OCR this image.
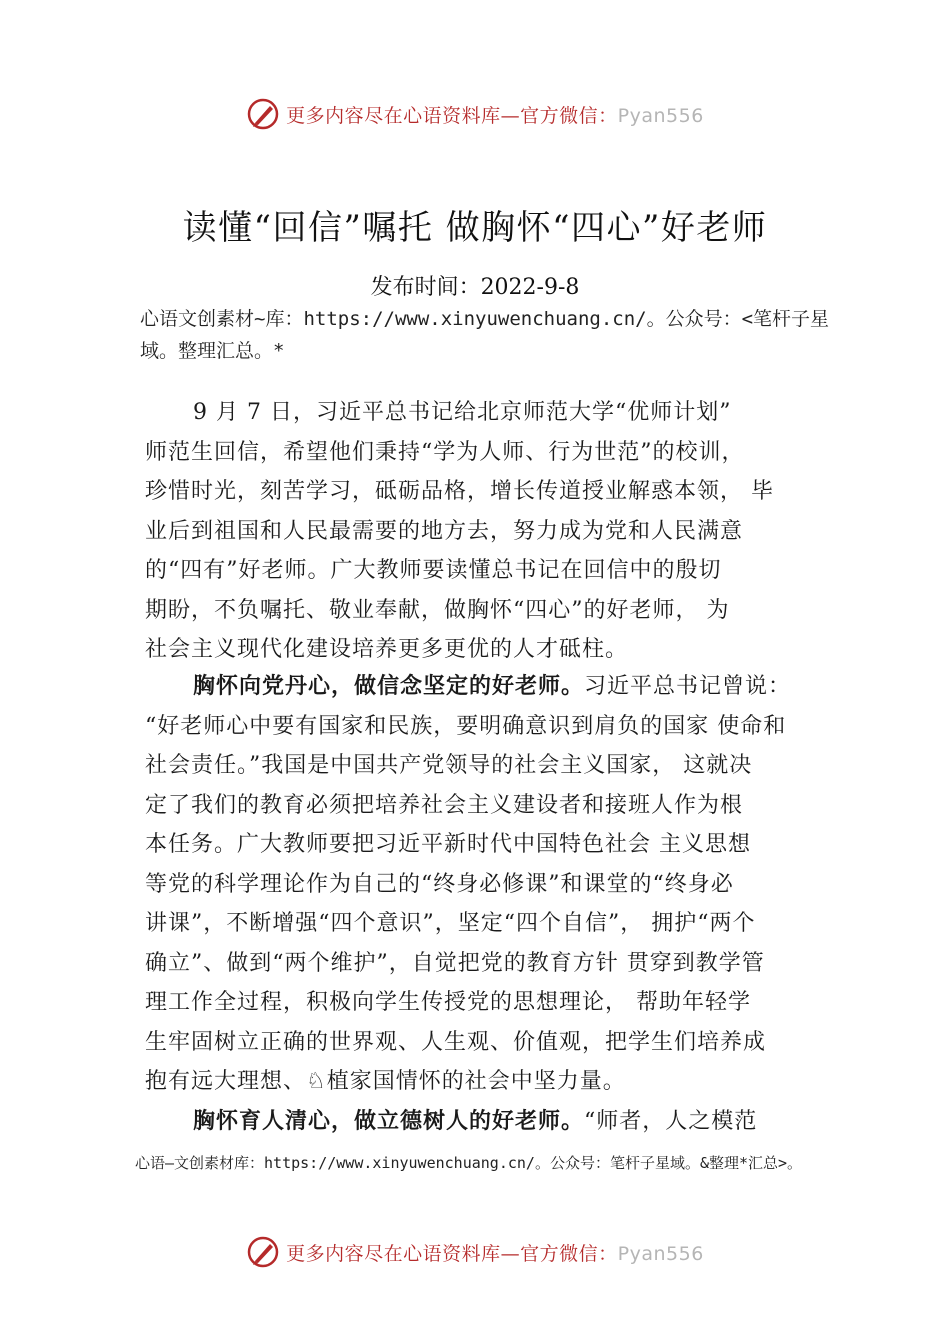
更多内容尽在心语资料库—官方微信：Pyan556
读懂“回信”嘱托 做胸怀“四心”好老师
发布时间：2022-9-8
心语文创素材~库：https://www.xinyuwenchuang.cn/。公众号：<笔杆子星域。整理汇总。*
9 月 7 日，习近平总书记给北京师范大学“优师计划”
师范生回信，希望他们秉持“学为人师、行为世范”的校训，
珍惜时光，刻苦学习，砥砺品格，增长传道授业解惑本领， 毕
业后到祖国和人民最需要的地方去，努力成为党和人民满意
的“四有”好老师。广大教师要读懂总书记在回信中的殷切
期盼，不负嘱托、敬业奉献，做胸怀“四心”的好老师， 为
社会主义现代化建设培养更多更优的人才砥柱。
胸怀向党丹心，做信念坚定的好老师。习近平总书记曾说：
“好老师心中要有国家和民族，要明确意识到肩负的国家 使命和
社会责任。”我国是中国共产党领导的社会主义国家， 这就决
定了我们的教育必须把培养社会主义建设者和接班人作为根
本任务。广大教师要把习近平新时代中国特色社会 主义思想
等党的科学理论作为自己的“终身必修课”和课堂的“终身必
讲课”，不断增强“四个意识”，坚定“四个自信”， 拥护“两个
确立”、做到“两个维护”，自觉把党的教育方针 贯穿到教学管
理工作全过程，积极向学生传授党的思想理论， 帮助年轻学
生牢固树立正确的世界观、人生观、价值观，把学生们培养成
抱有远大理想、♘植家国情怀的社会中坚力量。
胸怀育人清心，做立德树人的好老师。“师者，人之模范
心语—文创素材库：https://www.xinyuwenchuang.cn/。公众号：笔杆子星域。&整理*汇总>。
更多内容尽在心语资料库—官方微信：Pyan556
